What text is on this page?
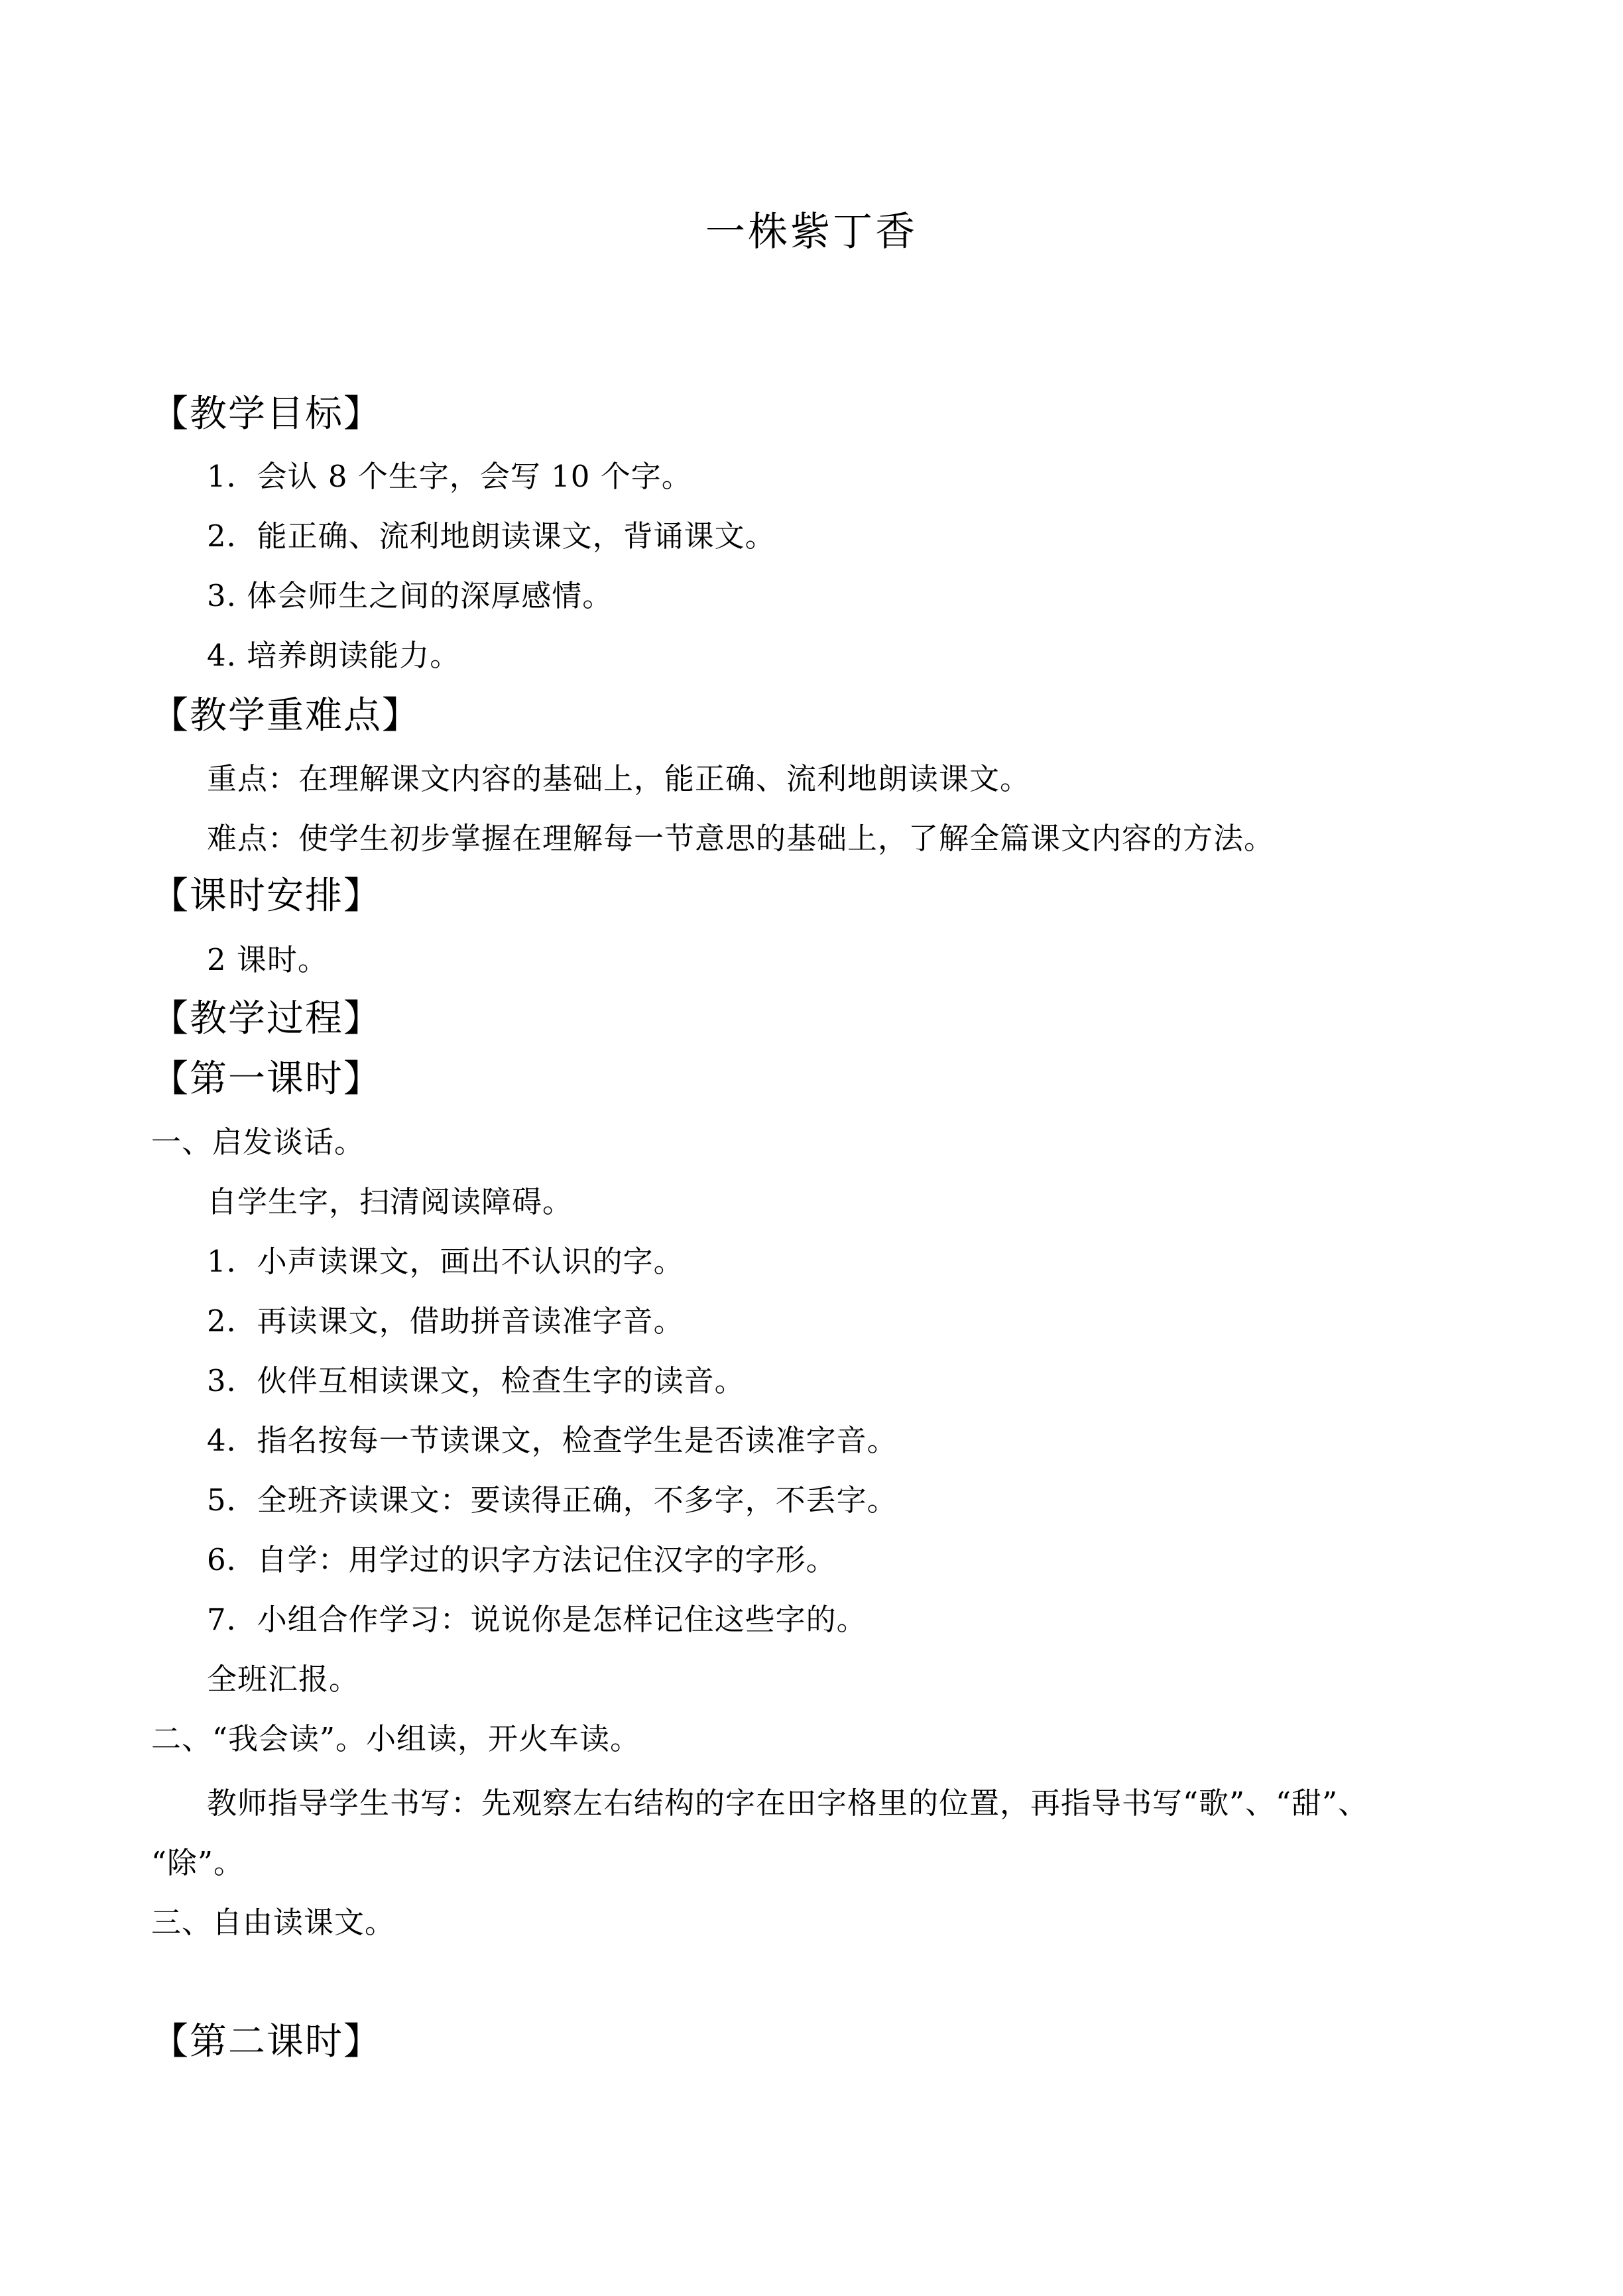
一株紫丁香
【教学目标】
1．会认 8 个生字，会写 10 个字。
2．能正确、流利地朗读课文，背诵课文。
3. 体会师生之间的深厚感情。
4. 培养朗读能力。
【教学重难点】
重点：在理解课文内容的基础上，能正确、流利地朗读课文。
难点：使学生初步掌握在理解每一节意思的基础上，了解全篇课文内容的方法。
【课时安排】
2 课时。
【教学过程】
【第一课时】
一、启发谈话。
自学生字，扫清阅读障碍。
1．小声读课文，画出不认识的字。
2．再读课文，借助拼音读准字音。
3．伙伴互相读课文，检查生字的读音。
4．指名按每一节读课文，检查学生是否读准字音。
5．全班齐读课文：要读得正确，不多字，不丢字。
6．自学：用学过的识字方法记住汉字的字形。
7．小组合作学习：说说你是怎样记住这些字的。
全班汇报。
二、“我会读”。小组读，开火车读。
教师指导学生书写：先观察左右结构的字在田字格里的位置，再指导书写“歌”、“甜”、
“除”。
三、自由读课文。
【第二课时】
